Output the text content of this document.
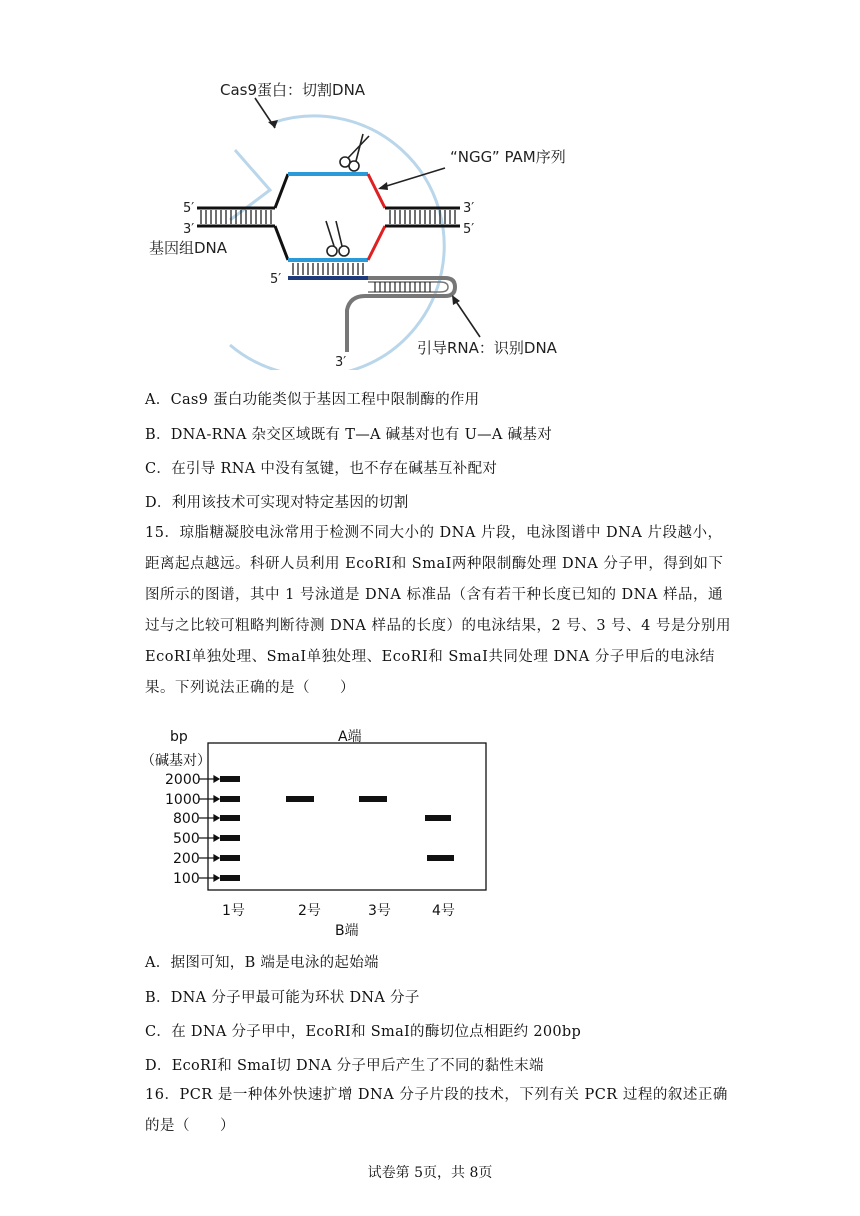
Cas9蛋白：切割DNA
5′
3′
3′
5′
5′
3′
“NGG” PAM序列
基因组DNA
引导RNA：识别DNA
A．Cas9 蛋白功能类似于基因工程中限制酶的作用
B．DNA-RNA 杂交区域既有 T—A 碱基对也有 U—A 碱基对
C．在引导 RNA 中没有氢键，也不存在碱基互补配对
D．利用该技术可实现对特定基因的切割

15．琼脂糖凝胶电泳常用于检测不同大小的 DNA 片段，电泳图谱中 DNA 片段越小，

距离起点越远。科研人员利用 EcoRⅠ和 SmaⅠ两种限制酶处理 DNA 分子甲，得到如下

图所示的图谱，其中 1 号泳道是 DNA 标准品（含有若干种长度已知的 DNA 样品，通

过与之比较可粗略判断待测 DNA 样品的长度）的电泳结果，2 号、3 号、4 号是分别用

EcoRⅠ单独处理、SmaⅠ单独处理、EcoRⅠ和 SmaⅠ共同处理 DNA 分子甲后的电泳结

果。下列说法正确的是（　　）

bp
（碱基对）
A端
2000
1000
800
500
200
100
1号	2号	3号	4号
B端
A．据图可知，B 端是电泳的起始端
B．DNA 分子甲最可能为环状 DNA 分子
C．在 DNA 分子甲中，EcoRⅠ和 SmaⅠ的酶切位点相距约 200bp
D．EcoRⅠ和 SmaⅠ切 DNA 分子甲后产生了不同的黏性末端

16．PCR 是一种体外快速扩增 DNA 分子片段的技术，下列有关 PCR 过程的叙述正确

的是（　　）

试卷第 5页，共 8页
